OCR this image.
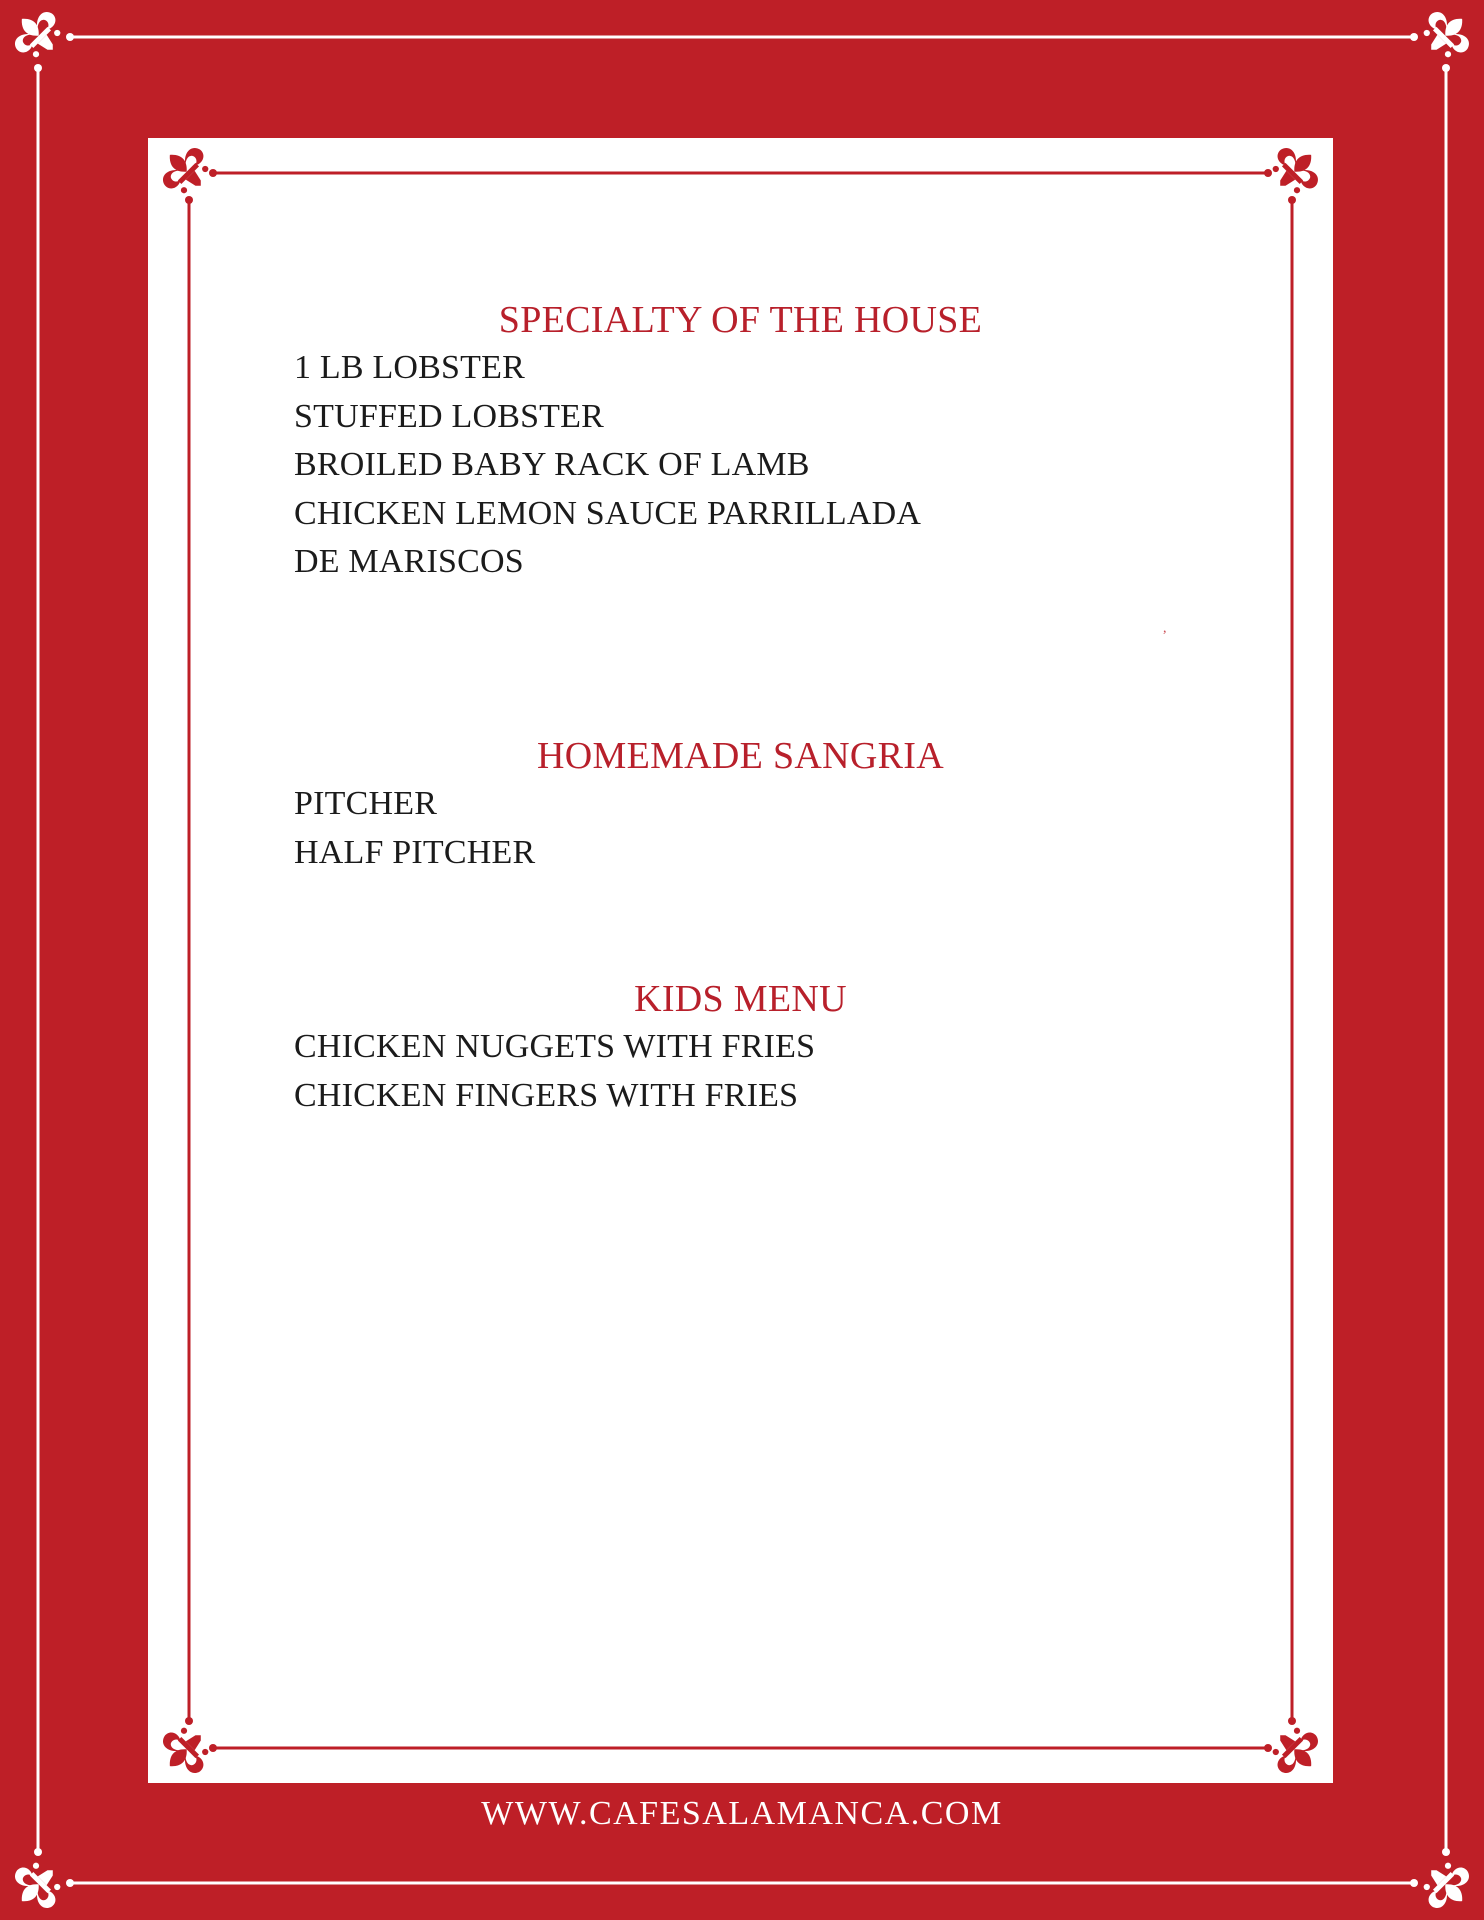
SPECIALTY OF THE HOUSE
1 LB LOBSTER
STUFFED LOBSTER
BROILED BABY RACK OF LAMB
CHICKEN LEMON SAUCE PARRILLADA
DE MARISCOS
HOMEMADE SANGRIA
PITCHER
HALF PITCHER
KIDS MENU
CHICKEN NUGGETS WITH FRIES
CHICKEN FINGERS WITH FRIES
,
WWW.CAFESALAMANCA.COM
